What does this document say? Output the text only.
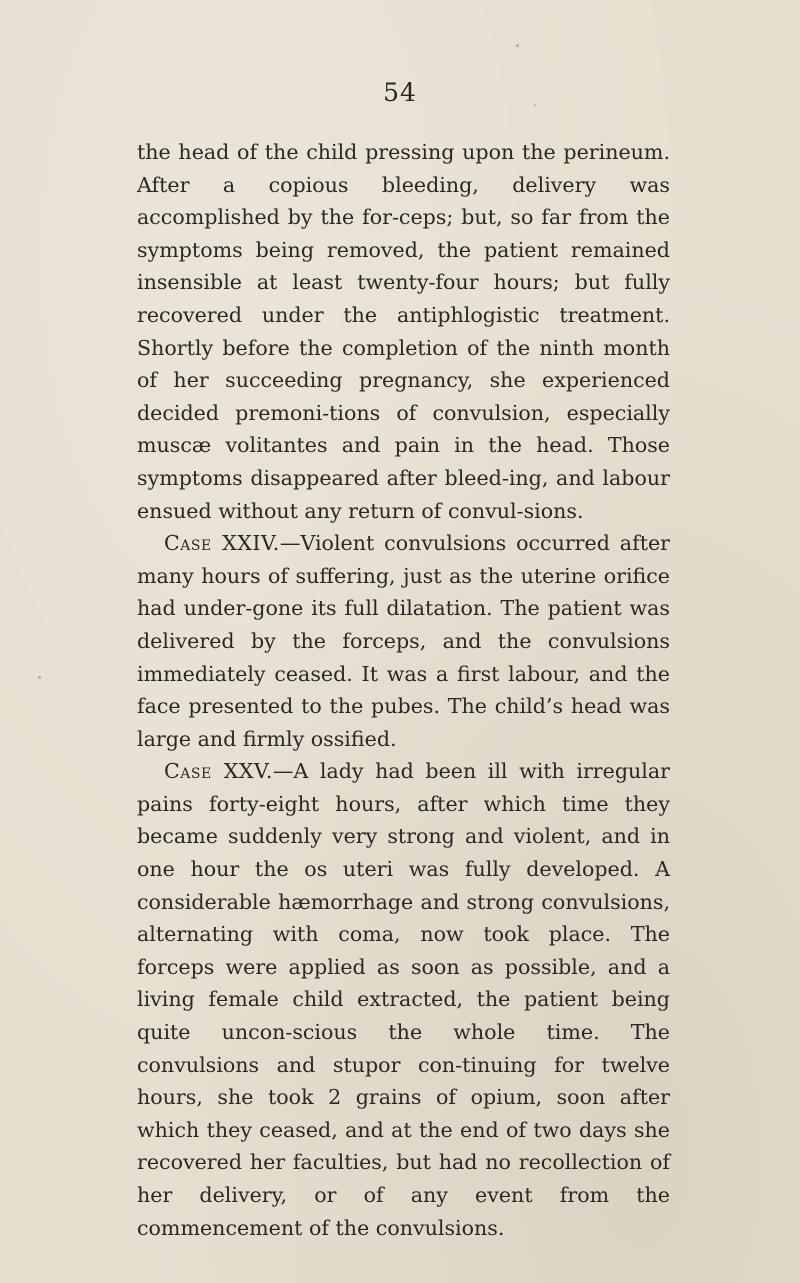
54

the head of the child pressing upon the perineum. After a copious bleeding, delivery was accomplished by the for-ceps; but, so far from the symptoms being removed, the patient remained insensible at least twenty-four hours; but fully recovered under the antiphlogistic treatment. Shortly before the completion of the ninth month of her succeeding pregnancy, she experienced decided premoni-tions of convulsion, especially muscæ volitantes and pain in the head. Those symptoms disappeared after bleed-ing, and labour ensued without any return of convul-sions.

Case XXIV.—Violent convulsions occurred after many hours of suffering, just as the uterine orifice had under-gone its full dilatation. The patient was delivered by the forceps, and the convulsions immediately ceased. It was a first labour, and the face presented to the pubes. The child’s head was large and firmly ossified.

Case XXV.—A lady had been ill with irregular pains forty-eight hours, after which time they became suddenly very strong and violent, and in one hour the os uteri was fully developed. A considerable hæmorrhage and strong convulsions, alternating with coma, now took place. The forceps were applied as soon as possible, and a living female child extracted, the patient being quite uncon-scious the whole time. The convulsions and stupor con-tinuing for twelve hours, she took 2 grains of opium, soon after which they ceased, and at the end of two days she recovered her faculties, but had no recollection of her delivery, or of any event from the commencement of the convulsions.
